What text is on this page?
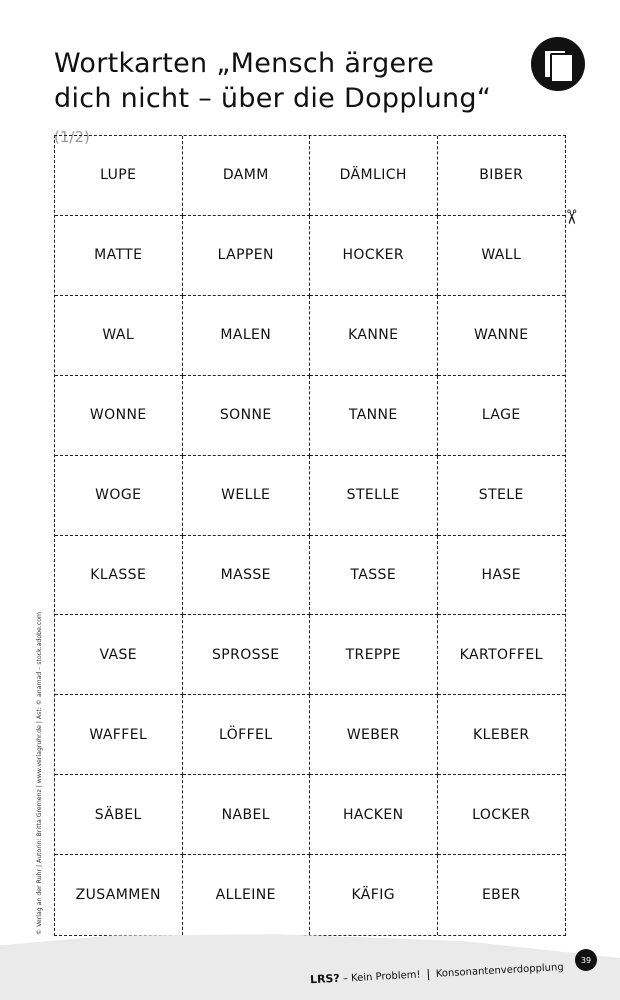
Wortkarten „Mensch ärgere dich nicht – über die Dopplung“ (1/2)
LUPE	DAMM	DÄMLICH	BIBER
MATTE	LAPPEN	HOCKER	WALL
WAL	MALEN	KANNE	WANNE
WONNE	SONNE	TANNE	LAGE
WOGE	WELLE	STELLE	STELE
KLASSE	MASSE	TASSE	HASE
VASE	SPROSSE	TREPPE	KARTOFFEL
WAFFEL	LÖFFEL	WEBER	KLEBER
SÄBEL	NABEL	HACKEN	LOCKER
ZUSAMMEN	ALLEINE	KÄFIG	EBER
✂
© Verlag an der Ruhr | Autorin: Britta Gremenz | www.verlagruhr.de | Ast: © anamad – stock.adobe.com
LRS? – Kein Problem! Konsonantenverdopplung
39
